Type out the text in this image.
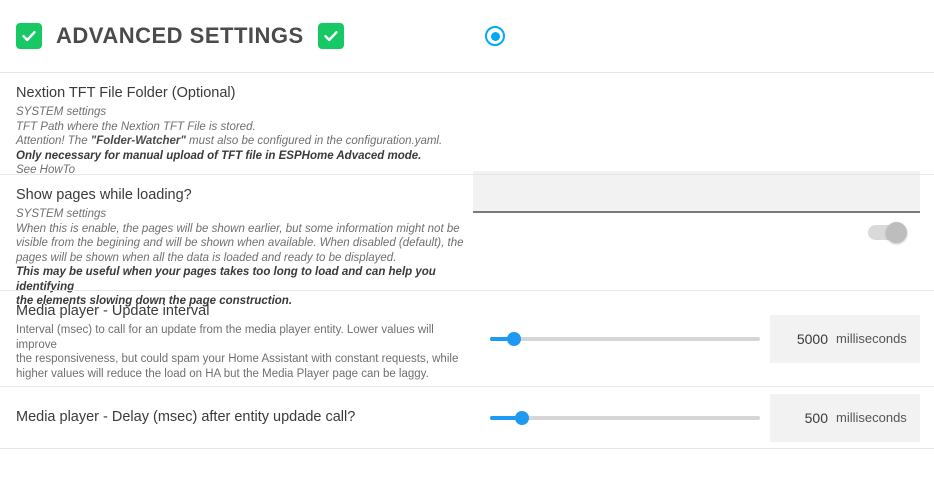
ADVANCED SETTINGS
Nextion TFT File Folder (Optional)
SYSTEM settings
TFT Path where the Nextion TFT File is stored.
Attention! The "Folder-Watcher" must also be configured in the configuration.yaml.
Only necessary for manual upload of TFT file in ESPHome Advaced mode.
See HowTo
Show pages while loading?
SYSTEM settings
When this is enable, the pages will be shown earlier, but some information might not be
visible from the begining and will be shown when available. When disabled (default), the
pages will be shown when all the data is loaded and ready to be displayed.
This may be useful when your pages takes too long to load and can help you identifying
the elements slowing down the page construction.
Media player - Update interval
Interval (msec) to call for an update from the media player entity. Lower values will improve
the responsiveness, but could spam your Home Assistant with constant requests, while
higher values will reduce the load on HA but the Media Player page can be laggy.
5000 milliseconds
Media player - Delay (msec) after entity updade call?	500 milliseconds
